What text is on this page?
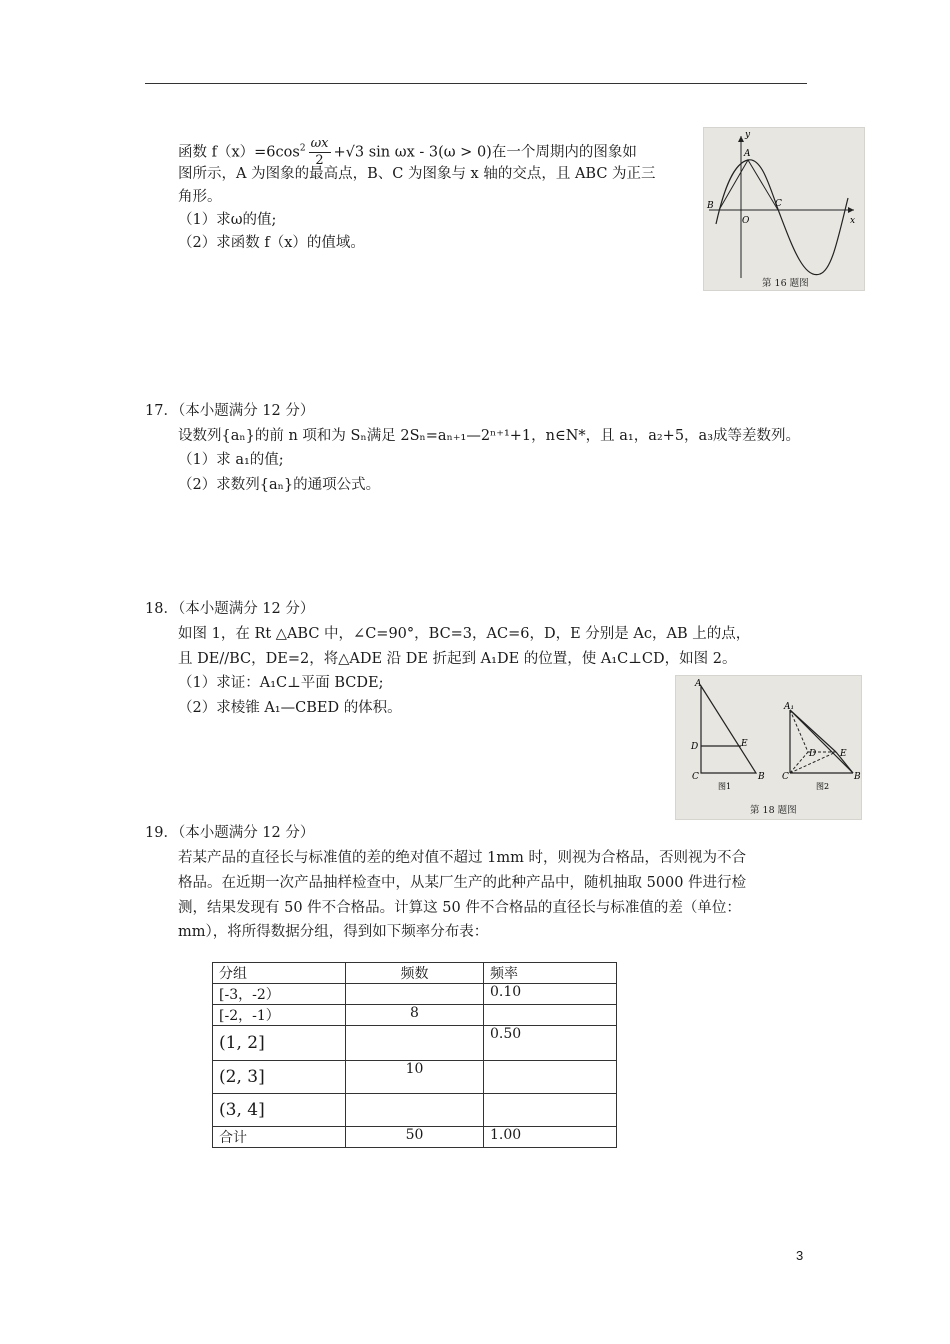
函数 $f(x)=6\cos^2 \frac{\omega x}{2} +√3$ sin ωx - 3(ω > 0)在一个周期内的图象如
图所示，A 为图象的最高点，B、C 为图象与 x 轴的交点，且 ABC 为正三
角形。
（1）求ω的值;
（2）求函数 f（x）的值域。
A
B	C
O
y
x
第 16 题图
17．（本小题满分 12 分）
设数列{aₙ}的前 n 项和为 Sₙ满足 2Sₙ=aₙ₊₁—2ⁿ⁺¹+1，n∈N*，且 a₁，a₂+5，a₃成等差数列。
（1）求 a₁的值;
（2）求数列{aₙ}的通项公式。
18．（本小题满分 12 分）
如图 1，在 Rt △ABC 中，∠C=90°，BC=3，AC=6，D，E 分别是 Ac，AB 上的点，
且 DE//BC，DE=2，将△ADE 沿 DE 折起到 A₁DE 的位置，使 A₁C⊥CD，如图 2。
（1）求证：A₁C⊥平面 BCDE;
（2）求棱锥 A₁—CBED 的体积。
A
D	E
C	B
图1
A₁
D	E
C	B
图2
第 18 题图
19．（本小题满分 12 分）
若某产品的直径长与标准值的差的绝对值不超过 1mm 时，则视为合格品，否则视为不合
格品。在近期一次产品抽样检查中，从某厂生产的此种产品中，随机抽取 5000 件进行检
测，结果发现有 50 件不合格品。计算这 50 件不合格品的直径长与标准值的差（单位：
mm），将所得数据分组，得到如下频率分布表：
分组	频数	频率
[-3，-2）		0.10
[-2，-1）	8	
(1, 2]		0.50
(2, 3]	10	
(3, 4]		
合计	50	1.00
3
